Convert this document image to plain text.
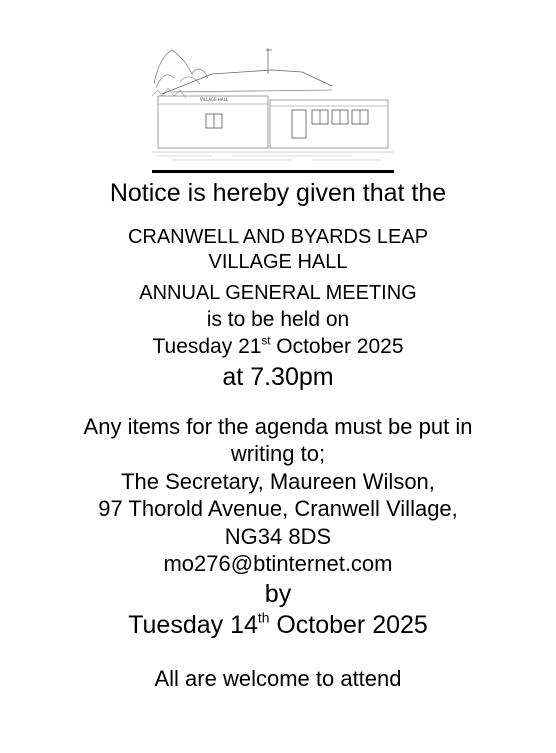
VILLAGE HALL
Notice is hereby given that the
CRANWELL AND BYARDS LEAP
VILLAGE HALL
ANNUAL GENERAL MEETING
is to be held on
Tuesday 21st October 2025
at 7.30pm
Any items for the agenda must be put in
writing to;
The Secretary, Maureen Wilson,
97 Thorold Avenue, Cranwell Village,
NG34 8DS
mo276@btinternet.com
by
Tuesday 14th October 2025
All are welcome to attend
